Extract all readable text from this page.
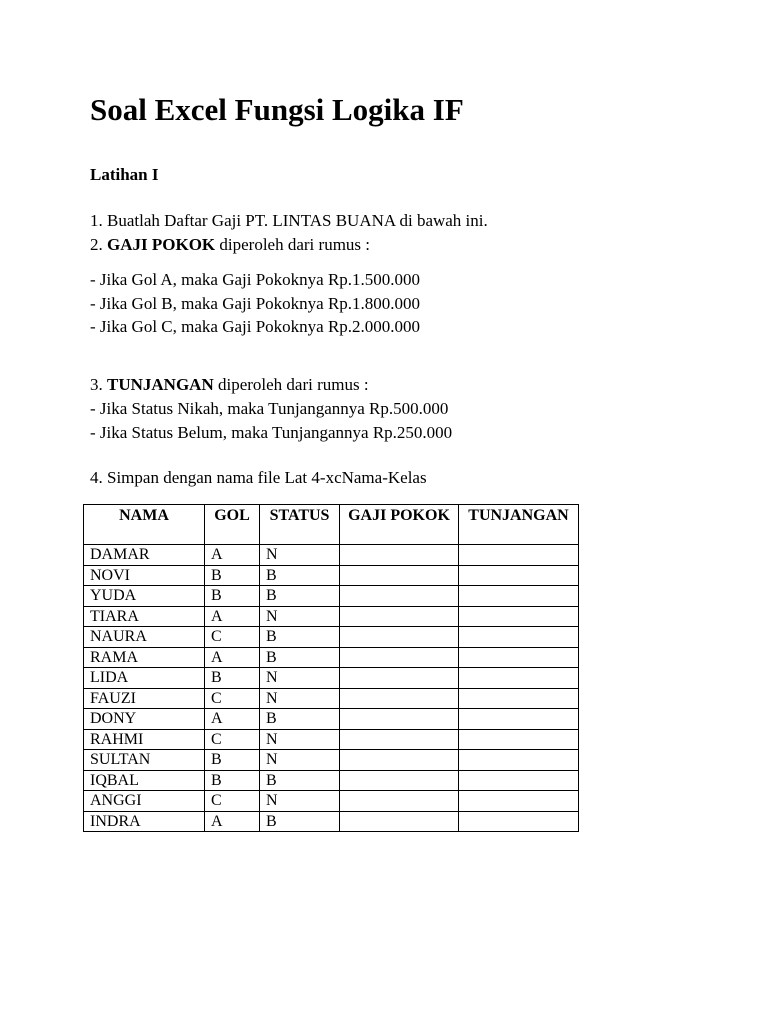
Soal Excel Fungsi Logika IF
Latihan I
1. Buatlah Daftar Gaji PT. LINTAS BUANA di bawah ini.
2. GAJI POKOK diperoleh dari rumus :
- Jika Gol A, maka Gaji Pokoknya Rp.1.500.000
- Jika Gol B, maka Gaji Pokoknya Rp.1.800.000
- Jika Gol C, maka Gaji Pokoknya Rp.2.000.000
3. TUNJANGAN diperoleh dari rumus :
- Jika Status Nikah, maka Tunjangannya Rp.500.000
- Jika Status Belum, maka Tunjangannya Rp.250.000
4. Simpan dengan nama file Lat 4-xcNama-Kelas
NAMA	GOL	STATUS	GAJI POKOK	TUNJANGAN
DAMAR	A	N		
NOVI	B	B		
YUDA	B	B		
TIARA	A	N		
NAURA	C	B		
RAMA	A	B		
LIDA	B	N		
FAUZI	C	N		
DONY	A	B		
RAHMI	C	N		
SULTAN	B	N		
IQBAL	B	B		
ANGGI	C	N		
INDRA	A	B		
